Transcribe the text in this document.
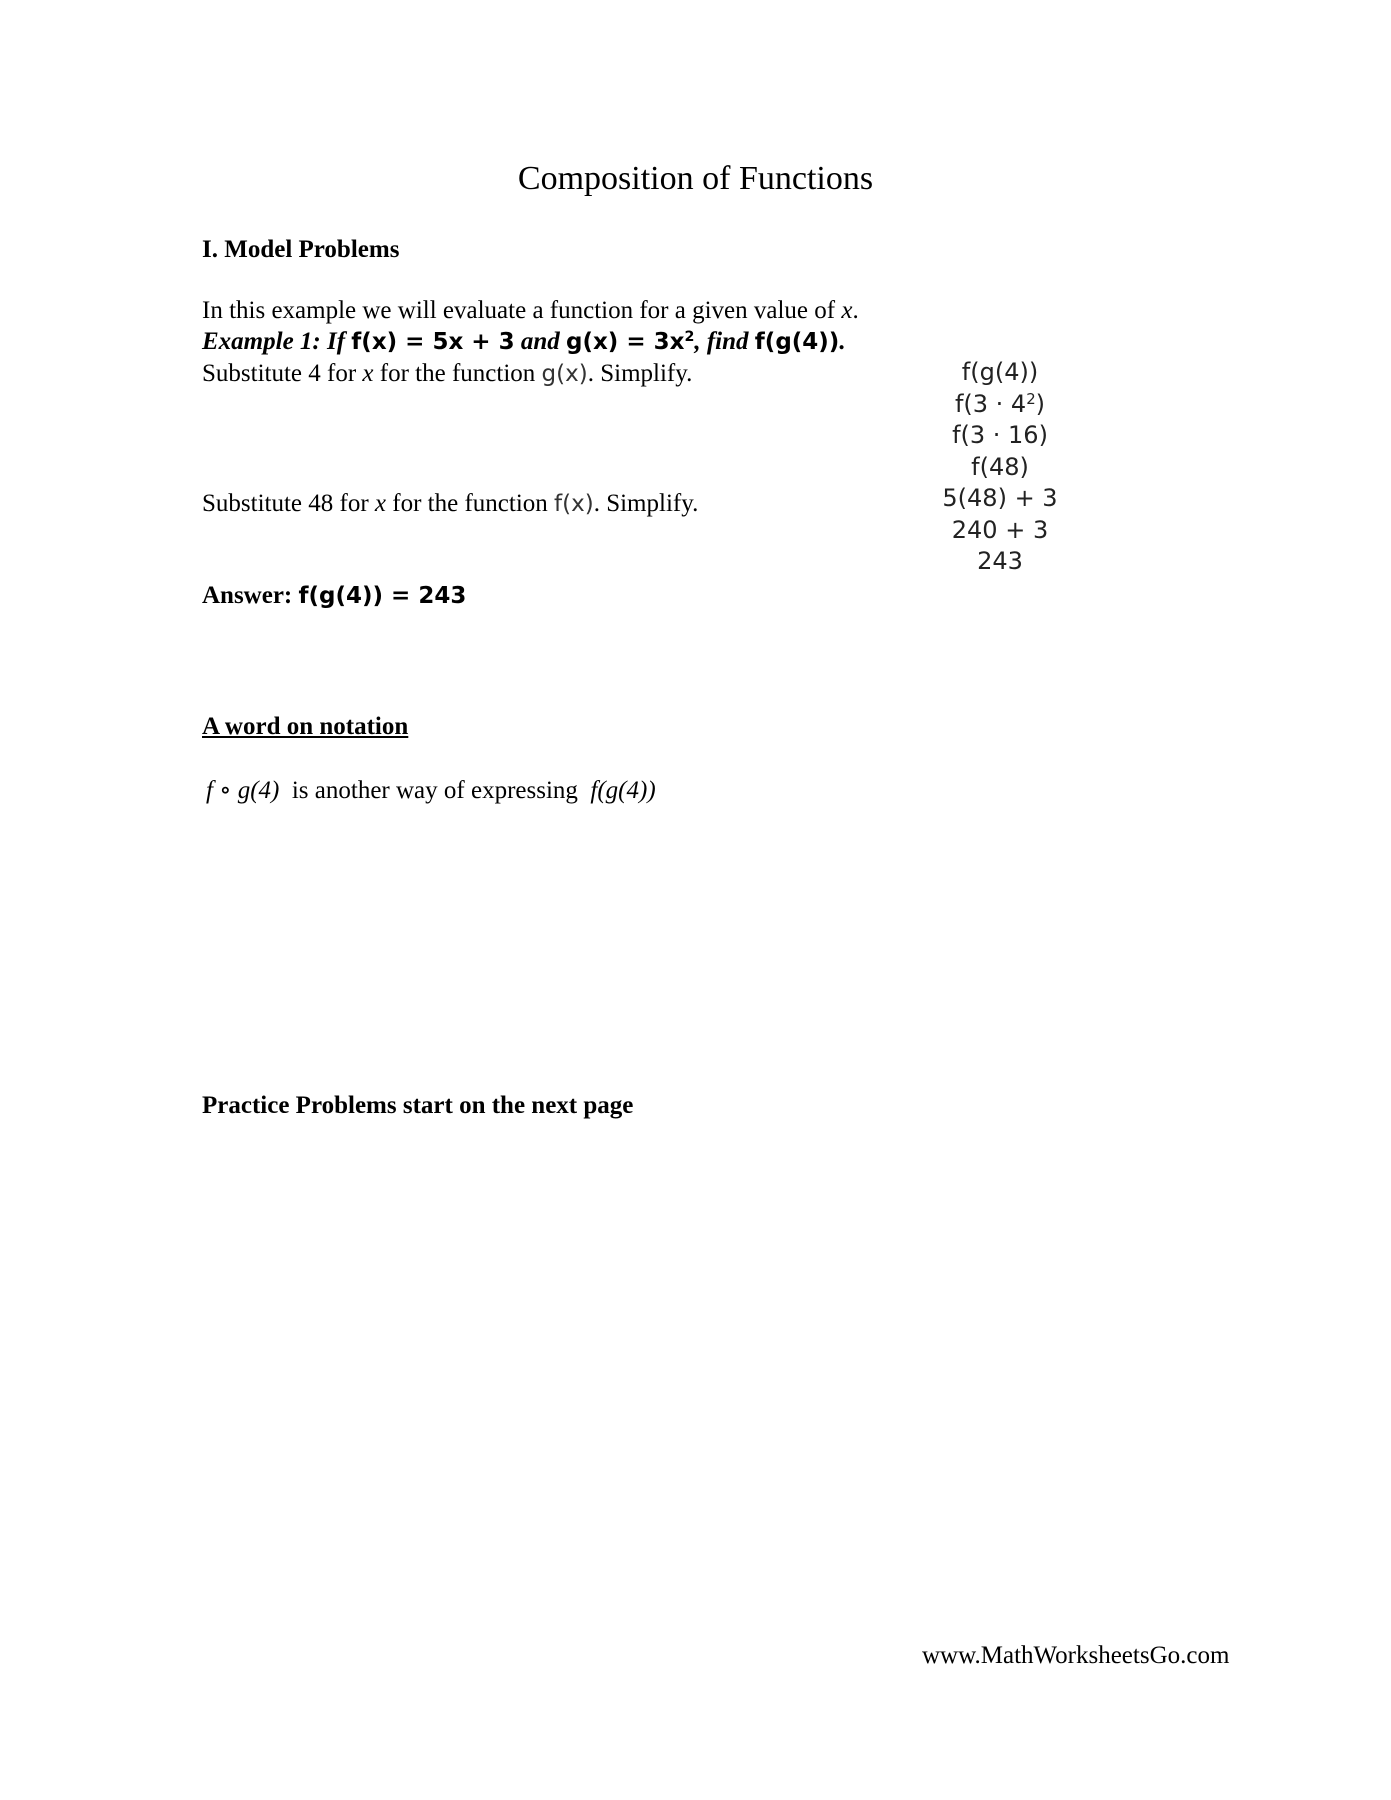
Composition of Functions
I. Model Problems
In this example we will evaluate a function for a given value of x.
Example 1: If f(x) = 5x + 3 and $g(x) = 3x^2$, find f(g(4)).
Substitute 4 for x for the function g(x). Simplify.
Substitute 48 for x for the function f(x). Simplify.
f(g(4))
$f(3 \cdot 4^2)$
f(3 · 16)
f(48)
5(48) + 3
240 + 3
243
Answer: f(g(4)) = 243
A word on notation
f ∘ g(4)  is another way of expressing  f(g(4))
Practice Problems start on the next page
www.MathWorksheetsGo.com
